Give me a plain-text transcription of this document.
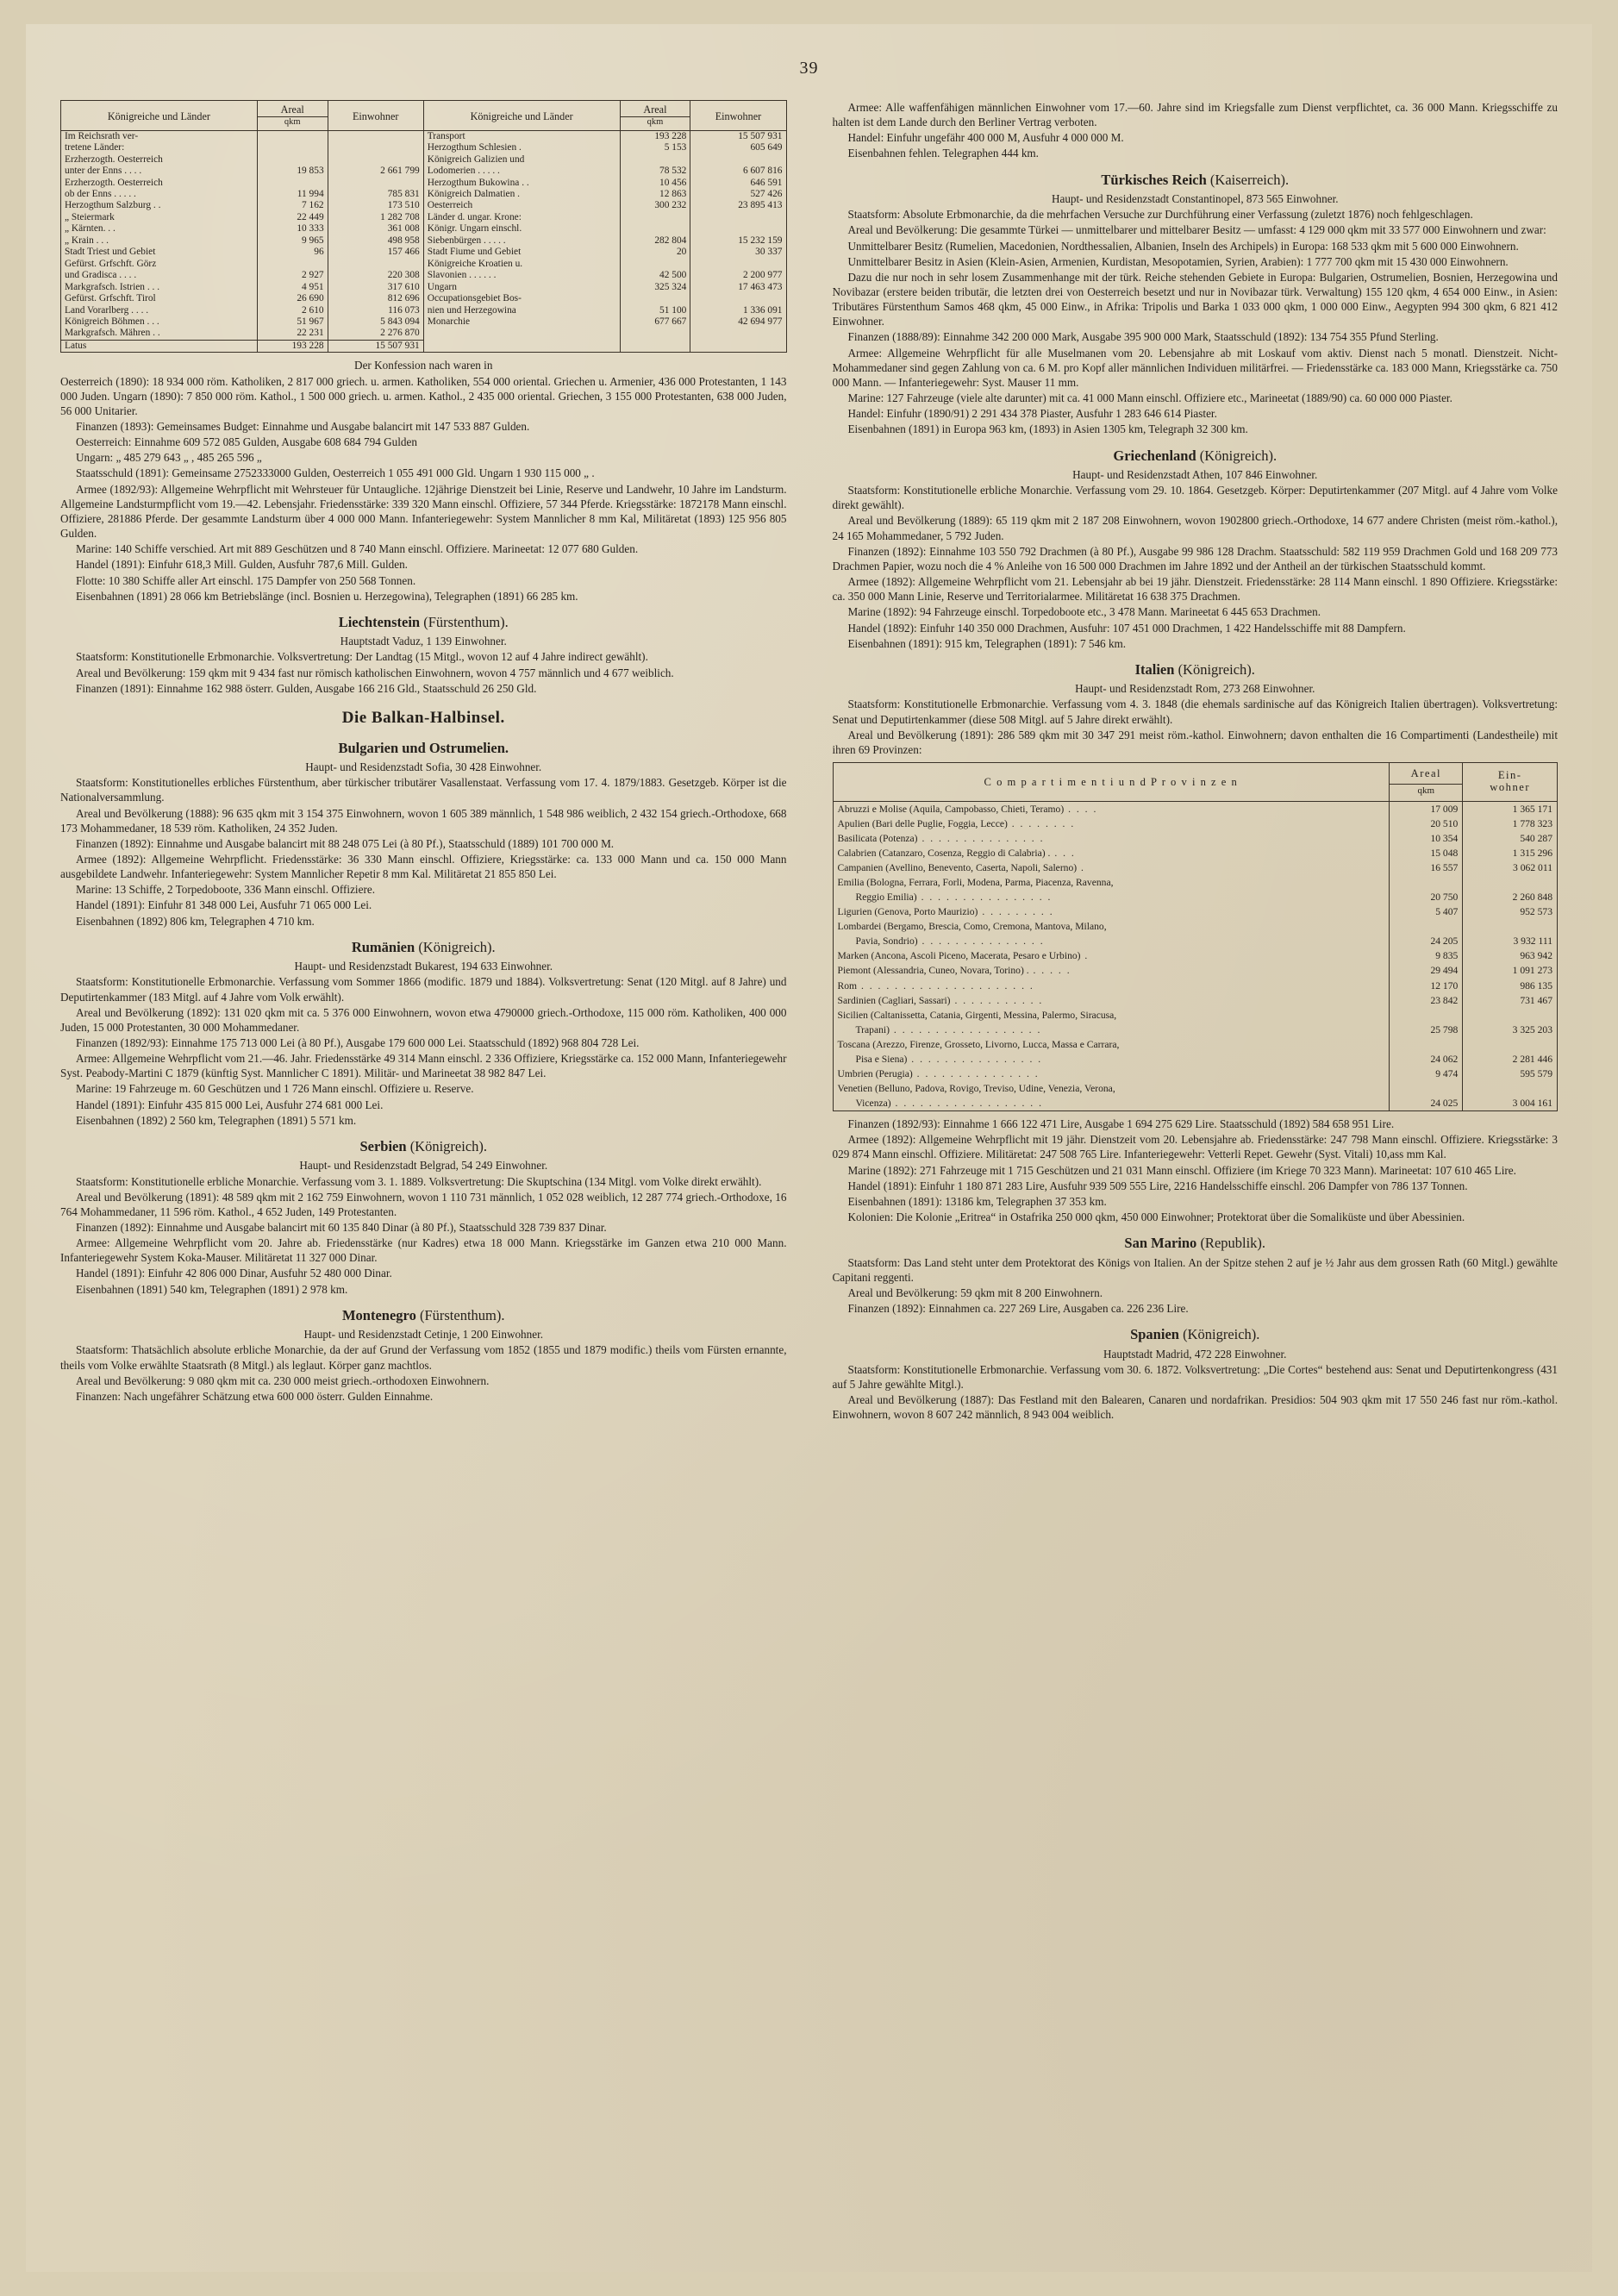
39
Königreiche und Länder	Areal	Einwohner	Königreiche und Länder	Areal	Einwohner
	qkm			qkm	
Im Reichsrath ver-			Transport	193 228	15 507 931
tretene Länder:			Herzogthum Schlesien .	5 153	605 649
Erzherzogth. Oesterreich			Königreich Galizien und		
unter der Enns . . . .	19 853	2 661 799	Lodomerien . . . . .	78 532	6 607 816
Erzherzogth. Oesterreich			Herzogthum Bukowina . .	10 456	646 591
ob der Enns . . . . .	11 994	785 831	Königreich Dalmatien .	12 863	527 426
Herzogthum Salzburg . .	7 162	173 510	Oesterreich	300 232	23 895 413
„ Steiermark	22 449	1 282 708	Länder d. ungar. Krone:		
„ Kärnten. . .	10 333	361 008	Königr. Ungarn einschl.		
„ Krain . . .	9 965	498 958	Siebenbürgen . . . . .	282 804	15 232 159
Stadt Triest und Gebiet	96	157 466	Stadt Fiume und Gebiet	20	30 337
Gefürst. Grfschft. Görz			Königreiche Kroatien u.		
und Gradisca . . . .	2 927	220 308	Slavonien . . . . . .	42 500	2 200 977
Markgrafsch. Istrien . . .	4 951	317 610	Ungarn	325 324	17 463 473
Gefürst. Grfschft. Tirol	26 690	812 696	Occupationsgebiet Bos-		
Land Vorarlberg . . . .	2 610	116 073	nien und Herzegowina	51 100	1 336 091
Königreich Böhmen . . .	51 967	5 843 094	Monarchie	677 667	42 694 977
Markgrafsch. Mähren . .	22 231	2 276 870			
Latus	193 228	15 507 931			

Der Konfession nach waren in

Oesterreich (1890): 18 934 000 röm. Katholiken, 2 817 000 griech. u. armen. Katholiken, 554 000 oriental. Griechen u. Armenier, 436 000 Protestanten, 1 143 000 Juden. Ungarn (1890): 7 850 000 röm. Kathol., 1 500 000 griech. u. armen. Kathol., 2 435 000 oriental. Griechen, 3 155 000 Protestanten, 638 000 Juden, 56 000 Unitarier.

Finanzen (1893): Gemeinsames Budget: Einnahme und Ausgabe balancirt mit 147 533 887 Gulden.

Oesterreich: Einnahme 609 572 085 Gulden, Ausgabe 608 684 794 Gulden

Ungarn: „ 485 279 643 „ , 485 265 596 „

Staatsschuld (1891): Gemeinsame 2752333000 Gulden, Oesterreich 1 055 491 000 Gld. Ungarn 1 930 115 000 „ .

Armee (1892/93): Allgemeine Wehrpflicht mit Wehrsteuer für Untaugliche. 12jährige Dienstzeit bei Linie, Reserve und Landwehr, 10 Jahre im Landsturm. Allgemeine Landsturmpflicht vom 19.—42. Lebensjahr. Friedensstärke: 339 320 Mann einschl. Offiziere, 57 344 Pferde. Kriegsstärke: 1872178 Mann einschl. Offiziere, 281886 Pferde. Der gesammte Landsturm über 4 000 000 Mann. Infanteriegewehr: System Mannlicher 8 mm Kal, Militäretat (1893) 125 956 805 Gulden.

Marine: 140 Schiffe verschied. Art mit 889 Geschützen und 8 740 Mann einschl. Offiziere. Marineetat: 12 077 680 Gulden.

Handel (1891): Einfuhr 618,3 Mill. Gulden, Ausfuhr 787,6 Mill. Gulden.

Flotte: 10 380 Schiffe aller Art einschl. 175 Dampfer von 250 568 Tonnen.

Eisenbahnen (1891) 28 066 km Betriebslänge (incl. Bosnien u. Herzegowina), Telegraphen (1891) 66 285 km.

Liechtenstein (Fürstenthum).

Hauptstadt Vaduz, 1 139 Einwohner.

Staatsform: Konstitutionelle Erbmonarchie. Volksvertretung: Der Landtag (15 Mitgl., wovon 12 auf 4 Jahre indirect gewählt).

Areal und Bevölkerung: 159 qkm mit 9 434 fast nur römisch katholischen Einwohnern, wovon 4 757 männlich und 4 677 weiblich.

Finanzen (1891): Einnahme 162 988 österr. Gulden, Ausgabe 166 216 Gld., Staatsschuld 26 250 Gld.

Die Balkan-Halbinsel.
Bulgarien und Ostrumelien.

Haupt- und Residenzstadt Sofia, 30 428 Einwohner.

Staatsform: Konstitutionelles erbliches Fürstenthum, aber türkischer tributärer Vasallenstaat. Verfassung vom 17. 4. 1879/1883. Gesetzgeb. Körper ist die Nationalversammlung.

Areal und Bevölkerung (1888): 96 635 qkm mit 3 154 375 Einwohnern, wovon 1 605 389 männlich, 1 548 986 weiblich, 2 432 154 griech.-Orthodoxe, 668 173 Mohammedaner, 18 539 röm. Katholiken, 24 352 Juden.

Finanzen (1892): Einnahme und Ausgabe balancirt mit 88 248 075 Lei (à 80 Pf.), Staatsschuld (1889) 101 700 000 M.

Armee (1892): Allgemeine Wehrpflicht. Friedensstärke: 36 330 Mann einschl. Offiziere, Kriegsstärke: ca. 133 000 Mann und ca. 150 000 Mann ausgebildete Landwehr. Infanteriegewehr: System Mannlicher Repetir 8 mm Kal. Militäretat 21 855 850 Lei.

Marine: 13 Schiffe, 2 Torpedoboote, 336 Mann einschl. Offiziere.

Handel (1891): Einfuhr 81 348 000 Lei, Ausfuhr 71 065 000 Lei.

Eisenbahnen (1892) 806 km, Telegraphen 4 710 km.

Rumänien (Königreich).

Haupt- und Residenzstadt Bukarest, 194 633 Einwohner.

Staatsform: Konstitutionelle Erbmonarchie. Verfassung vom Sommer 1866 (modific. 1879 und 1884). Volksvertretung: Senat (120 Mitgl. auf 8 Jahre) und Deputirtenkammer (183 Mitgl. auf 4 Jahre vom Volk erwählt).

Areal und Bevölkerung (1892): 131 020 qkm mit ca. 5 376 000 Einwohnern, wovon etwa 4790000 griech.-Orthodoxe, 115 000 röm. Katholiken, 400 000 Juden, 15 000 Protestanten, 30 000 Mohammedaner.

Finanzen (1892/93): Einnahme 175 713 000 Lei (à 80 Pf.), Ausgabe 179 600 000 Lei. Staatsschuld (1892) 968 804 728 Lei.

Armee: Allgemeine Wehrpflicht vom 21.—46. Jahr. Friedensstärke 49 314 Mann einschl. 2 336 Offiziere, Kriegsstärke ca. 152 000 Mann, Infanteriegewehr Syst. Peabody-Martini C 1879 (künftig Syst. Mannlicher C 1891). Militär- und Marineetat 38 982 847 Lei.

Marine: 19 Fahrzeuge m. 60 Geschützen und 1 726 Mann einschl. Offiziere u. Reserve.

Handel (1891): Einfuhr 435 815 000 Lei, Ausfuhr 274 681 000 Lei.

Eisenbahnen (1892) 2 560 km, Telegraphen (1891) 5 571 km.

Serbien (Königreich).

Haupt- und Residenzstadt Belgrad, 54 249 Einwohner.

Staatsform: Konstitutionelle erbliche Monarchie. Verfassung vom 3. 1. 1889. Volksvertretung: Die Skuptschina (134 Mitgl. vom Volke direkt erwählt).

Areal und Bevölkerung (1891): 48 589 qkm mit 2 162 759 Einwohnern, wovon 1 110 731 männlich, 1 052 028 weiblich, 12 287 774 griech.-Orthodoxe, 16 764 Mohammedaner, 11 596 röm. Kathol., 4 652 Juden, 149 Protestanten.

Finanzen (1892): Einnahme und Ausgabe balancirt mit 60 135 840 Dinar (à 80 Pf.), Staatsschuld 328 739 837 Dinar.

Armee: Allgemeine Wehrpflicht vom 20. Jahre ab. Friedensstärke (nur Kadres) etwa 18 000 Mann. Kriegsstärke im Ganzen etwa 210 000 Mann. Infanteriegewehr System Koka-Mauser. Militäretat 11 327 000 Dinar.

Handel (1891): Einfuhr 42 806 000 Dinar, Ausfuhr 52 480 000 Dinar.

Eisenbahnen (1891) 540 km, Telegraphen (1891) 2 978 km.

Montenegro (Fürstenthum).

Haupt- und Residenzstadt Cetinje, 1 200 Einwohner.

Staatsform: Thatsächlich absolute erbliche Monarchie, da der auf Grund der Verfassung vom 1852 (1855 und 1879 modific.) theils vom Fürsten ernannte, theils vom Volke erwählte Staatsrath (8 Mitgl.) als leglaut. Körper ganz machtlos.

Areal und Bevölkerung: 9 080 qkm mit ca. 230 000 meist griech.-orthodoxen Einwohnern.

Finanzen: Nach ungefährer Schätzung etwa 600 000 österr. Gulden Einnahme.

Armee: Alle waffenfähigen männlichen Einwohner vom 17.—60. Jahre sind im Kriegsfalle zum Dienst verpflichtet, ca. 36 000 Mann. Kriegsschiffe zu halten ist dem Lande durch den Berliner Vertrag verboten.

Handel: Einfuhr ungefähr 400 000 M, Ausfuhr 4 000 000 M.

Eisenbahnen fehlen. Telegraphen 444 km.

Türkisches Reich (Kaiserreich).

Haupt- und Residenzstadt Constantinopel, 873 565 Einwohner.

Staatsform: Absolute Erbmonarchie, da die mehrfachen Versuche zur Durchführung einer Verfassung (zuletzt 1876) noch fehlgeschlagen.

Areal und Bevölkerung: Die gesammte Türkei — unmittelbarer und mittelbarer Besitz — umfasst: 4 129 000 qkm mit 33 577 000 Einwohnern und zwar:

Unmittelbarer Besitz (Rumelien, Macedonien, Nordthessalien, Albanien, Inseln des Archipels) in Europa: 168 533 qkm mit 5 600 000 Einwohnern.

Unmittelbarer Besitz in Asien (Klein-Asien, Armenien, Kurdistan, Mesopotamien, Syrien, Arabien): 1 777 700 qkm mit 15 430 000 Einwohnern.

Dazu die nur noch in sehr losem Zusammenhange mit der türk. Reiche stehenden Gebiete in Europa: Bulgarien, Ostrumelien, Bosnien, Herzegowina und Novibazar (erstere beiden tributär, die letzten drei von Oesterreich besetzt und nur in Novibazar türk. Verwaltung) 155 120 qkm, 4 654 000 Einw., in Asien: Tributäres Fürstenthum Samos 468 qkm, 45 000 Einw., in Afrika: Tripolis und Barka 1 033 000 qkm, 1 000 000 Einw., Aegypten 994 300 qkm, 6 821 412 Einwohner.

Finanzen (1888/89): Einnahme 342 200 000 Mark, Ausgabe 395 900 000 Mark, Staatsschuld (1892): 134 754 355 Pfund Sterling.

Armee: Allgemeine Wehrpflicht für alle Muselmanen vom 20. Lebensjahre ab mit Loskauf vom aktiv. Dienst nach 5 monatl. Dienstzeit. Nicht-Mohammedaner sind gegen Zahlung von ca. 6 M. pro Kopf aller männlichen Individuen militärfrei. — Friedensstärke ca. 183 000 Mann, Kriegsstärke ca. 750 000 Mann. — Infanteriegewehr: Syst. Mauser 11 mm.

Marine: 127 Fahrzeuge (viele alte darunter) mit ca. 41 000 Mann einschl. Offiziere etc., Marineetat (1889/90) ca. 60 000 000 Piaster.

Handel: Einfuhr (1890/91) 2 291 434 378 Piaster, Ausfuhr 1 283 646 614 Piaster.

Eisenbahnen (1891) in Europa 963 km, (1893) in Asien 1305 km, Telegraph 32 300 km.

Griechenland (Königreich).

Haupt- und Residenzstadt Athen, 107 846 Einwohner.

Staatsform: Konstitutionelle erbliche Monarchie. Verfassung vom 29. 10. 1864. Gesetzgeb. Körper: Deputirtenkammer (207 Mitgl. auf 4 Jahre vom Volke direkt gewählt).

Areal und Bevölkerung (1889): 65 119 qkm mit 2 187 208 Einwohnern, wovon 1902800 griech.-Orthodoxe, 14 677 andere Christen (meist röm.-kathol.), 24 165 Mohammedaner, 5 792 Juden.

Finanzen (1892): Einnahme 103 550 792 Drachmen (à 80 Pf.), Ausgabe 99 986 128 Drachm. Staatsschuld: 582 119 959 Drachmen Gold und 168 209 773 Drachmen Papier, wozu noch die 4 % Anleihe von 16 500 000 Drachmen im Jahre 1892 und der Antheil an der türkischen Staatsschuld kommt.

Armee (1892): Allgemeine Wehrpflicht vom 21. Lebensjahr ab bei 19 jähr. Dienstzeit. Friedensstärke: 28 114 Mann einschl. 1 890 Offiziere. Kriegsstärke: ca. 350 000 Mann Linie, Reserve und Territorialarmee. Militäretat 16 638 375 Drachmen.

Marine (1892): 94 Fahrzeuge einschl. Torpedoboote etc., 3 478 Mann. Marineetat 6 445 653 Drachmen.

Handel (1892): Einfuhr 140 350 000 Drachmen, Ausfuhr: 107 451 000 Drachmen, 1 422 Handelsschiffe mit 88 Dampfern.

Eisenbahnen (1891): 915 km, Telegraphen (1891): 7 546 km.

Italien (Königreich).

Haupt- und Residenzstadt Rom, 273 268 Einwohner.

Staatsform: Konstitutionelle Erbmonarchie. Verfassung vom 4. 3. 1848 (die ehemals sardinische auf das Königreich Italien übertragen). Volksvertretung: Senat und Deputirtenkammer (diese 508 Mitgl. auf 5 Jahre direkt erwählt).

Areal und Bevölkerung (1891): 286 589 qkm mit 30 347 291 meist röm.-kathol. Einwohnern; davon enthalten die 16 Compartimenti (Landestheile) mit ihren 69 Provinzen:

C o m p a r t i m e n t i u n d P r o v i n z e n	Areal	Ein-
wohner
	qkm	
Abruzzi e Molise (Aquila, Campobasso, Chieti, Teramo) . . . .	17 009	1 365 171
Apulien (Bari delle Puglie, Foggia, Lecce) . . . . . . . .	20 510	1 778 323
Basilicata (Potenza) . . . . . . . . . . . . . . .	10 354	540 287
Calabrien (Catanzaro, Cosenza, Reggio di Calabria) . . . .	15 048	1 315 296
Campanien (Avellino, Benevento, Caserta, Napoli, Salerno) .	16 557	3 062 011
Emilia (Bologna, Ferrara, Forli, Modena, Parma, Piacenza, Ravenna,		
Reggio Emilia) . . . . . . . . . . . . . . . .	20 750	2 260 848
Ligurien (Genova, Porto Maurizio) . . . . . . . . .	5 407	952 573
Lombardei (Bergamo, Brescia, Como, Cremona, Mantova, Milano,		
Pavia, Sondrio) . . . . . . . . . . . . . . .	24 205	3 932 111
Marken (Ancona, Ascoli Piceno, Macerata, Pesaro e Urbino) .	9 835	963 942
Piemont (Alessandria, Cuneo, Novara, Torino) . . . . . .	29 494	1 091 273
Rom . . . . . . . . . . . . . . . . . . . . .	12 170	986 135
Sardinien (Cagliari, Sassari) . . . . . . . . . . .	23 842	731 467
Sicilien (Caltanissetta, Catania, Girgenti, Messina, Palermo, Siracusa,		
Trapani) . . . . . . . . . . . . . . . . . .	25 798	3 325 203
Toscana (Arezzo, Firenze, Grosseto, Livorno, Lucca, Massa e Carrara,		
Pisa e Siena) . . . . . . . . . . . . . . . .	24 062	2 281 446
Umbrien (Perugia) . . . . . . . . . . . . . . .	9 474	595 579
Venetien (Belluno, Padova, Rovigo, Treviso, Udine, Venezia, Verona,		
Vicenza) . . . . . . . . . . . . . . . . . .	24 025	3 004 161

Finanzen (1892/93): Einnahme 1 666 122 471 Lire, Ausgabe 1 694 275 629 Lire. Staatsschuld (1892) 584 658 951 Lire.

Armee (1892): Allgemeine Wehrpflicht mit 19 jähr. Dienstzeit vom 20. Lebensjahre ab. Friedensstärke: 247 798 Mann einschl. Offiziere. Kriegsstärke: 3 029 874 Mann einschl. Offiziere. Militäretat: 247 508 765 Lire. Infanteriegewehr: Vetterli Repet. Gewehr (Syst. Vitali) 10,ass mm Kal.

Marine (1892): 271 Fahrzeuge mit 1 715 Geschützen und 21 031 Mann einschl. Offiziere (im Kriege 70 323 Mann). Marineetat: 107 610 465 Lire.

Handel (1891): Einfuhr 1 180 871 283 Lire, Ausfuhr 939 509 555 Lire, 2216 Handelsschiffe einschl. 206 Dampfer von 786 137 Tonnen.

Eisenbahnen (1891): 13186 km, Telegraphen 37 353 km.

Kolonien: Die Kolonie „Eritrea“ in Ostafrika 250 000 qkm, 450 000 Einwohner; Protektorat über die Somaliküste und über Abessinien.

San Marino (Republik).

Staatsform: Das Land steht unter dem Protektorat des Königs von Italien. An der Spitze stehen 2 auf je ½ Jahr aus dem grossen Rath (60 Mitgl.) gewählte Capitani reggenti.

Areal und Bevölkerung: 59 qkm mit 8 200 Einwohnern.

Finanzen (1892): Einnahmen ca. 227 269 Lire, Ausgaben ca. 226 236 Lire.

Spanien (Königreich).

Hauptstadt Madrid, 472 228 Einwohner.

Staatsform: Konstitutionelle Erbmonarchie. Verfassung vom 30. 6. 1872. Volksvertretung: „Die Cortes“ bestehend aus: Senat und Deputirtenkongress (431 auf 5 Jahre gewählte Mitgl.).

Areal und Bevölkerung (1887): Das Festland mit den Balearen, Canaren und nordafrikan. Presidios: 504 903 qkm mit 17 550 246 fast nur röm.-kathol. Einwohnern, wovon 8 607 242 männlich, 8 943 004 weiblich.
